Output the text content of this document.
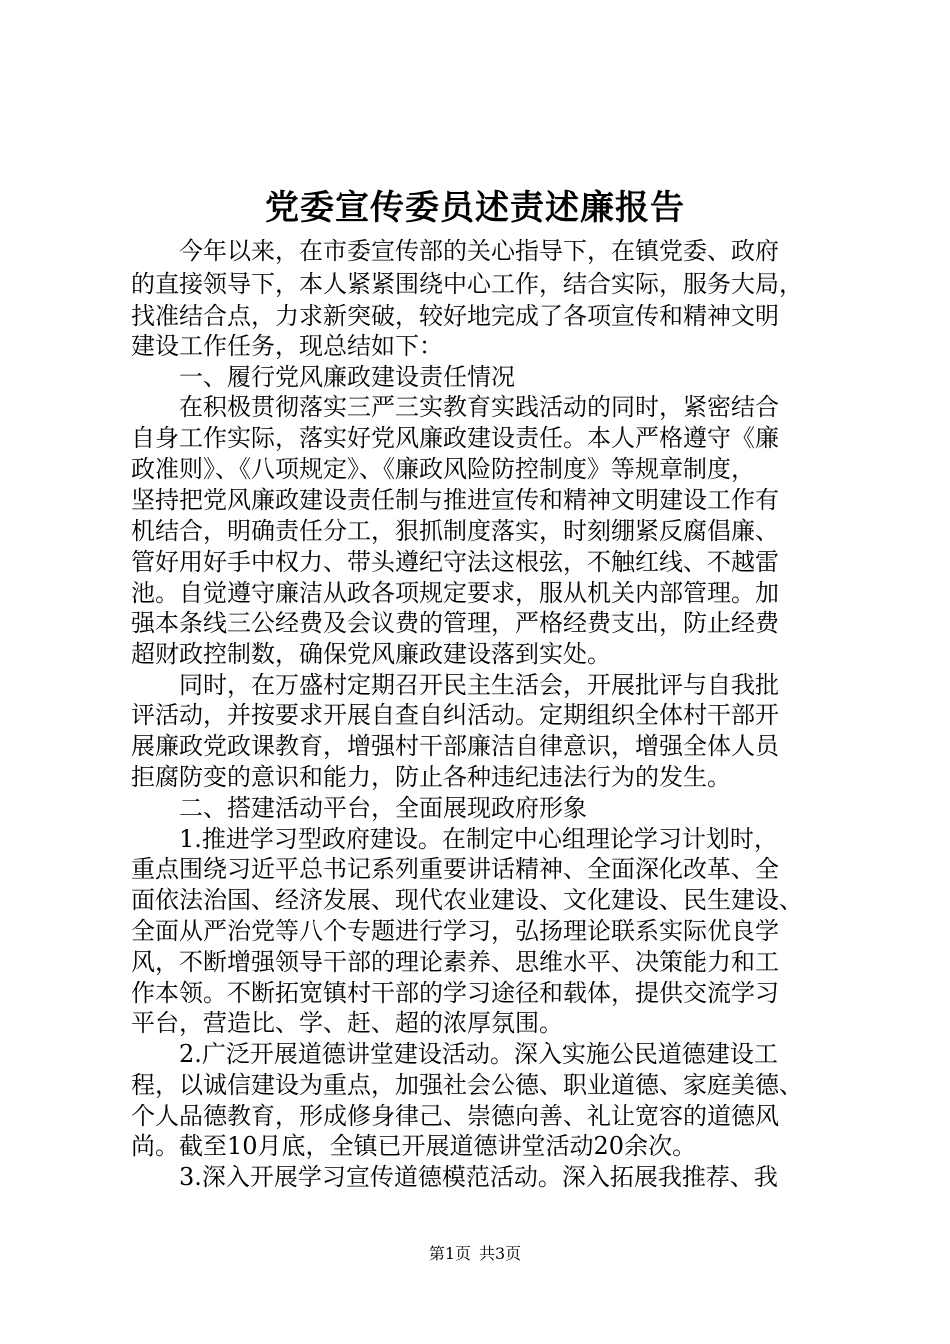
党委宣传委员述责述廉报告
　　今年以来，在市委宣传部的关心指导下，在镇党委、政府
的直接领导下，本人紧紧围绕中心工作，结合实际，服务大局，
找准结合点，力求新突破，较好地完成了各项宣传和精神文明
建设工作任务，现总结如下：
　　一、履行党风廉政建设责任情况
　　在积极贯彻落实三严三实教育实践活动的同时，紧密结合
自身工作实际，落实好党风廉政建设责任。本人严格遵守《廉
政准则》、《八项规定》、《廉政风险防控制度》等规章制度，
坚持把党风廉政建设责任制与推进宣传和精神文明建设工作有
机结合，明确责任分工，狠抓制度落实，时刻绷紧反腐倡廉、
管好用好手中权力、带头遵纪守法这根弦，不触红线、不越雷
池。自觉遵守廉洁从政各项规定要求，服从机关内部管理。加
强本条线三公经费及会议费的管理，严格经费支出，防止经费
超财政控制数，确保党风廉政建设落到实处。
　　同时，在万盛村定期召开民主生活会，开展批评与自我批
评活动，并按要求开展自查自纠活动。定期组织全体村干部开
展廉政党政课教育，增强村干部廉洁自律意识，增强全体人员
拒腐防变的意识和能力，防止各种违纪违法行为的发生。
　　二、搭建活动平台，全面展现政府形象
　　1.推进学习型政府建设。在制定中心组理论学习计划时，
重点围绕习近平总书记系列重要讲话精神、全面深化改革、全
面依法治国、经济发展、现代农业建设、文化建设、民生建设、
全面从严治党等八个专题进行学习，弘扬理论联系实际优良学
风，不断增强领导干部的理论素养、思维水平、决策能力和工
作本领。不断拓宽镇村干部的学习途径和载体，提供交流学习
平台，营造比、学、赶、超的浓厚氛围。
　　2.广泛开展道德讲堂建设活动。深入实施公民道德建设工
程，以诚信建设为重点，加强社会公德、职业道德、家庭美德、
个人品德教育，形成修身律己、崇德向善、礼让宽容的道德风
尚。截至10月底，全镇已开展道德讲堂活动20余次。
　　3.深入开展学习宣传道德模范活动。深入拓展我推荐、我
第1页 共3页
